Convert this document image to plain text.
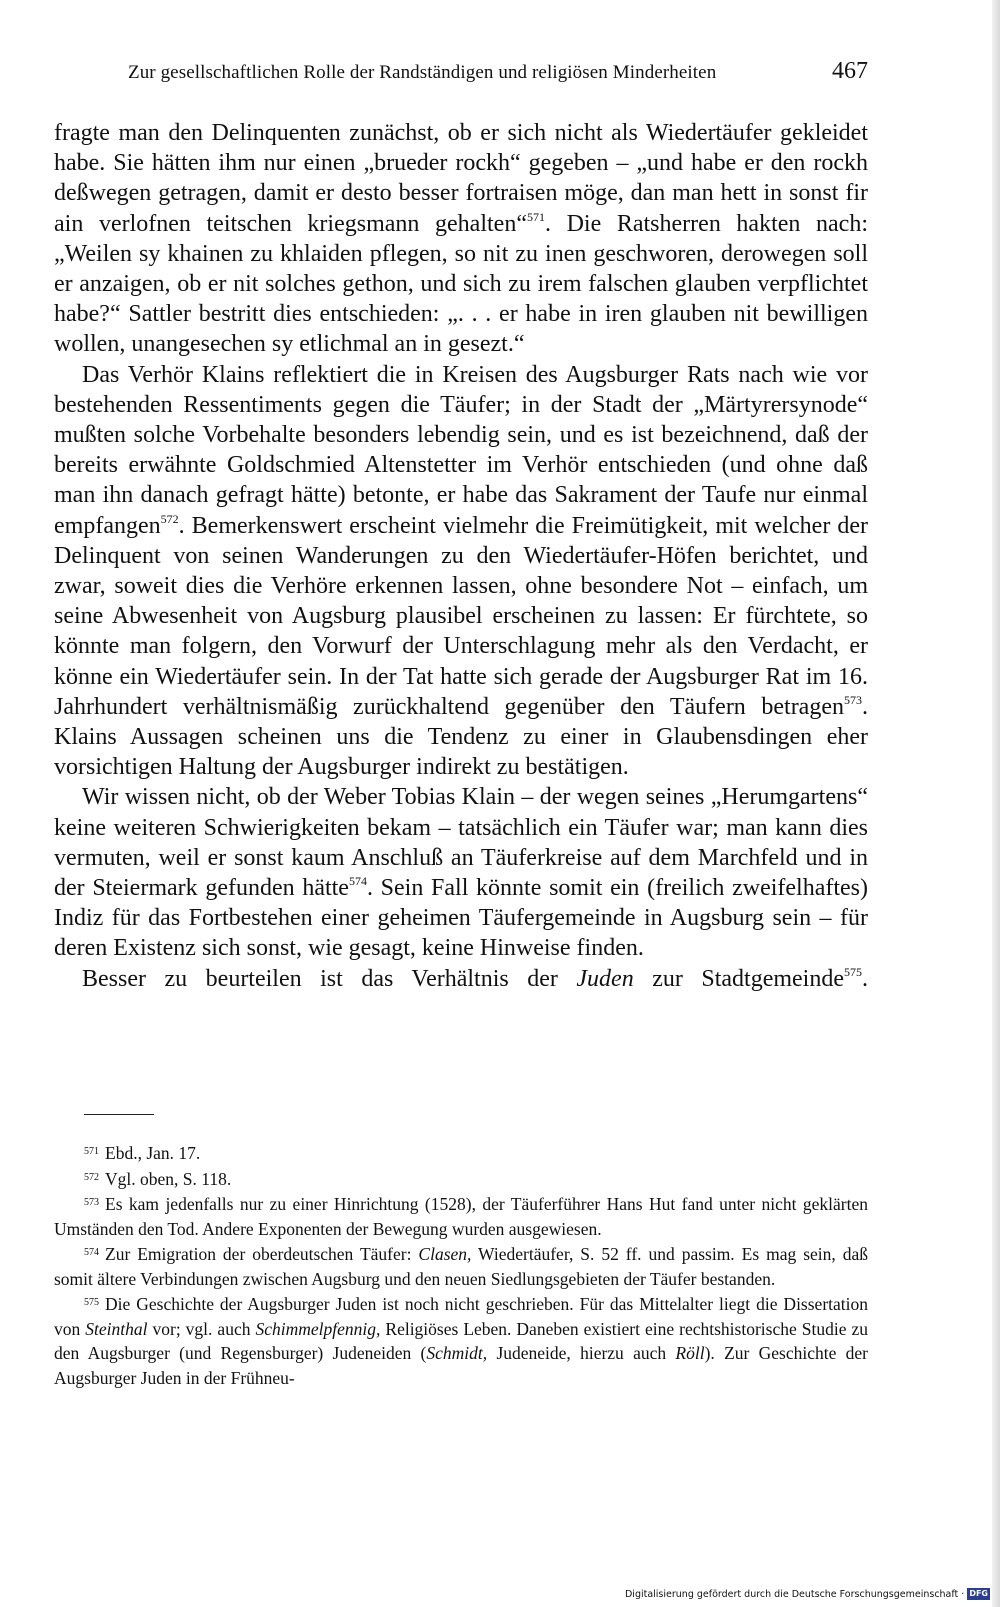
Zur gesellschaftlichen Rolle der Randständigen und religiösen Minderheiten	467

fragte man den Delinquenten zunächst, ob er sich nicht als Wiedertäufer gekleidet habe. Sie hätten ihm nur einen „brueder rockh“ gegeben – „und habe er den rockh deßwegen getragen, damit er desto besser fortraisen möge, dan man hett in sonst fir ain verlofnen teitschen kriegsmann gehalten“$^{571}$. Die Ratsherren hakten nach: „Weilen sy khainen zu khlaiden pflegen, so nit zu inen geschworen, derowegen soll er anzaigen, ob er nit solches gethon, und sich zu irem falschen glauben verpflichtet habe?“ Sattler bestritt dies entschieden: „. . . er habe in iren glauben nit bewilligen wollen, unangesechen sy etlichmal an in gesezt.“

Das Verhör Klains reflektiert die in Kreisen des Augsburger Rats nach wie vor bestehenden Ressentiments gegen die Täufer; in der Stadt der „Märtyrersynode“ mußten solche Vorbehalte besonders lebendig sein, und es ist bezeichnend, daß der bereits erwähnte Goldschmied Altenstetter im Verhör entschieden (und ohne daß man ihn danach gefragt hätte) betonte, er habe das Sakrament der Taufe nur einmal empfangen$^{572}$. Bemerkenswert erscheint vielmehr die Freimütigkeit, mit welcher der Delinquent von seinen Wanderungen zu den Wiedertäufer-Höfen berichtet, und zwar, soweit dies die Verhöre erkennen lassen, ohne besondere Not – einfach, um seine Abwesenheit von Augsburg plausibel erscheinen zu lassen: Er fürchtete, so könnte man folgern, den Vorwurf der Unterschlagung mehr als den Verdacht, er könne ein Wiedertäufer sein. In der Tat hatte sich gerade der Augsburger Rat im 16. Jahrhundert verhältnismäßig zurückhaltend gegenüber den Täufern betragen$^{573}$. Klains Aussagen scheinen uns die Tendenz zu einer in Glaubensdingen eher vorsichtigen Haltung der Augsburger indirekt zu bestätigen.

Wir wissen nicht, ob der Weber Tobias Klain – der wegen seines „Herumgartens“ keine weiteren Schwierigkeiten bekam – tatsächlich ein Täufer war; man kann dies vermuten, weil er sonst kaum Anschluß an Täuferkreise auf dem Marchfeld und in der Steiermark gefunden hätte$^{574}$. Sein Fall könnte somit ein (freilich zweifelhaftes) Indiz für das Fortbestehen einer geheimen Täufergemeinde in Augsburg sein – für deren Existenz sich sonst, wie gesagt, keine Hinweise finden.

Besser zu beurteilen ist das Verhältnis der Juden zur Stadtgemeinde$^{575}$.

$^{571}$ Ebd., Jan. 17.

$^{572}$ Vgl. oben, S. 118.

$^{573}$ Es kam jedenfalls nur zu einer Hinrichtung (1528), der Täuferführer Hans Hut fand unter nicht geklärten Umständen den Tod. Andere Exponenten der Bewegung wurden ausgewiesen.

$^{574}$ Zur Emigration der oberdeutschen Täufer: Clasen, Wiedertäufer, S. 52 ff. und passim. Es mag sein, daß somit ältere Verbindungen zwischen Augsburg und den neuen Siedlungsgebieten der Täufer bestanden.

$^{575}$ Die Geschichte der Augsburger Juden ist noch nicht geschrieben. Für das Mittelalter liegt die Dissertation von Steinthal vor; vgl. auch Schimmelpfennig, Religiöses Leben. Daneben existiert eine rechtshistorische Studie zu den Augsburger (und Regensburger) Judeneiden (Schmidt, Judeneide, hierzu auch Röll). Zur Geschichte der Augsburger Juden in der Frühneu-

Digitalisierung gefördert durch die Deutsche Forschungsgemeinschaft · DFG
